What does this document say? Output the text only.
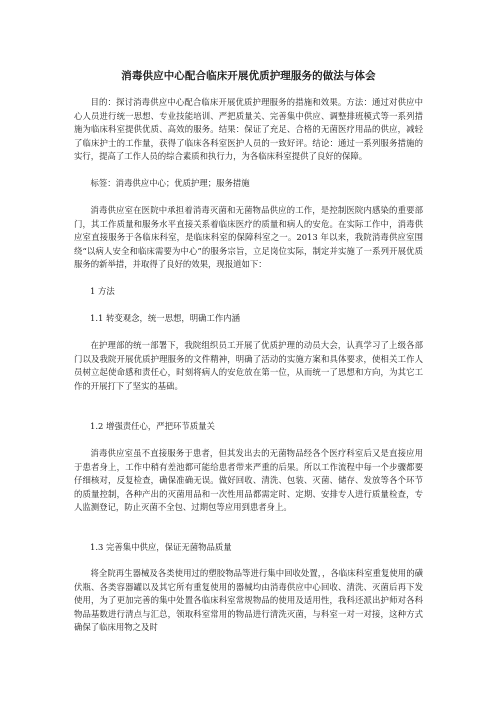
消毒供应中心配合临床开展优质护理服务的做法与体会
目的：探讨消毒供应中心配合临床开展优质护理服务的措施和效果。方法：通过对供应中心人员进行统一思想、专业技能培训、严把质量关、完善集中供应、调整排班模式等一系列措施为临床科室提供优质、高效的服务。结果：保证了充足、合格的无菌医疗用品的供应，减轻了临床护士的工作量，获得了临床各科室医护人员的一致好评。结论：通过一系列服务措施的实行，提高了工作人员的综合素质和执行力，为各临床科室提供了良好的保障。
标签：消毒供应中心；优质护理；服务措施
消毒供应室在医院中承担着消毒灭菌和无菌物品供应的工作，是控制医院内感染的重要部门，其工作质量和服务水平直接关系着临床医疗的质量和病人的安危。在实际工作中，消毒供应室直接服务于各临床科室，是临床科室的保障科室之一。2013 年以来，我院消毒供应室围绕“以病人安全和临床需要为中心”的服务宗旨，立足岗位实际，制定并实施了一系列开展优质服务的新举措，并取得了良好的效果，现报道如下：
1 方法
1.1 转变观念，统一思想，明确工作内涵
在护理部的统一部署下，我院组织员工开展了优质护理的动员大会，认真学习了上级各部门以及我院开展优质护理服务的文件精神，明确了活动的实施方案和具体要求，使相关工作人员树立起使命感和责任心，时刻将病人的安危放在第一位，从而统一了思想和方向，为其它工作的开展打下了坚实的基础。
1.2 增强责任心，严把环节质量关
消毒供应室虽不直接服务于患者，但其发出去的无菌物品经各个医疗科室后又是直接应用于患者身上，工作中稍有差池都可能给患者带来严重的后果。所以工作流程中每一个步骤都要仔细核对，反复检查，确保准确无误。做好回收、清洗、包装、灭菌、储存、发放等各个环节的质量控制，各种产出的灭菌用品和一次性用品都需定时、定期、安排专人进行质量检查，专人监测登记，防止灭菌不全包、过期包等应用到患者身上。
1.3 完善集中供应，保证无菌物品质量
将全院再生器械及各类使用过的塑胶物品等进行集中回收处置，，各临床科室重复使用的磺伏瓶、各类容器罐以及其它所有重复使用的器械均由消毒供应中心回收、清洗、灭菌后再下发使用，为了更加完善的集中处置各临床科室常规物品的使用及适用性，我科还派出护师对各科物品基数进行清点与汇总，领取科室常用的物品进行清洗灭菌，与科室一对一对接，这种方式确保了临床用物之及时
